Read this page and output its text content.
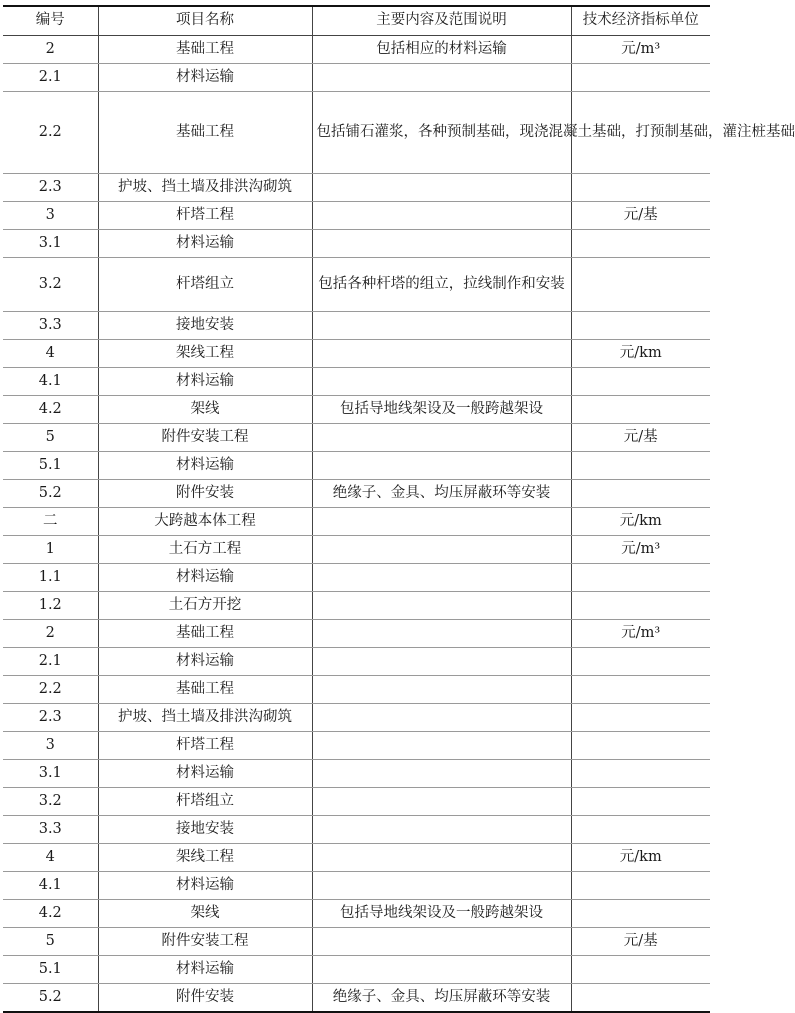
编号	项目名称	主要内容及范围说明	技术经济指标单位
2	基础工程	包括相应的材料运输	元/m³
2.1	材料运输		
2.2	基础工程	包括铺石灌浆，各种预制基础，现浇混凝土基础，打预制基础，灌注桩基础	
2.3	护坡、挡土墙及排洪沟砌筑		
3	杆塔工程		元/基
3.1	材料运输		
3.2	杆塔组立	包括各种杆塔的组立，拉线制作和安装	
3.3	接地安装		
4	架线工程		元/km
4.1	材料运输		
4.2	架线	包括导地线架设及一般跨越架设	
5	附件安装工程		元/基
5.1	材料运输		
5.2	附件安装	绝缘子、金具、均压屏蔽环等安装	
二	大跨越本体工程		元/km
1	土石方工程		元/m³
1.1	材料运输		
1.2	土石方开挖		
2	基础工程		元/m³
2.1	材料运输		
2.2	基础工程		
2.3	护坡、挡土墙及排洪沟砌筑		
3	杆塔工程		
3.1	材料运输		
3.2	杆塔组立		
3.3	接地安装		
4	架线工程		元/km
4.1	材料运输		
4.2	架线	包括导地线架设及一般跨越架设	
5	附件安装工程		元/基
5.1	材料运输		
5.2	附件安装	绝缘子、金具、均压屏蔽环等安装	
